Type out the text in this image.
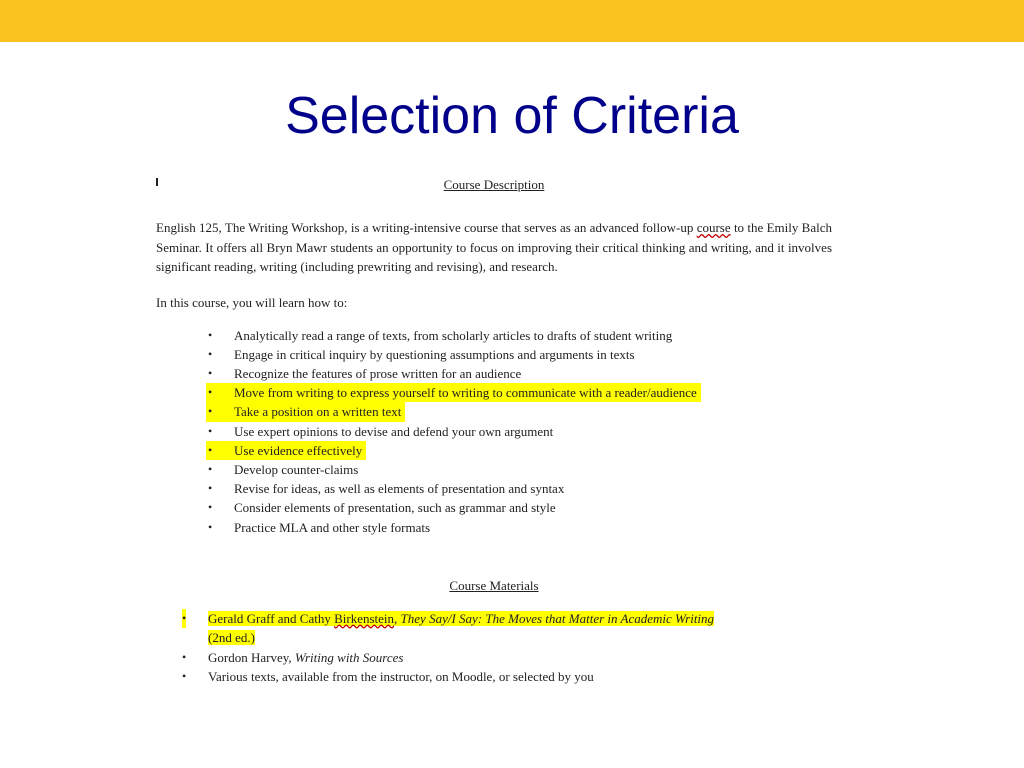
Selection of Criteria

Course Description

English 125, The Writing Workshop, is a writing-intensive course that serves as an advanced follow-up course to the Emily Balch Seminar. It offers all Bryn Mawr students an opportunity to focus on improving their critical thinking and writing, and it involves significant reading, writing (including prewriting and revising), and research.

In this course, you will learn how to:

• Analytically read a range of texts, from scholarly articles to drafts of student writing
• Engage in critical inquiry by questioning assumptions and arguments in texts
• Recognize the features of prose written for an audience
• Move from writing to express yourself to writing to communicate with a reader/audience
• Take a position on a written text
• Use expert opinions to devise and defend your own argument
• Use evidence effectively
• Develop counter-claims
• Revise for ideas, as well as elements of presentation and syntax
• Consider elements of presentation, such as grammar and style
• Practice MLA and other style formats

Course Materials

• Gerald Graff and Cathy Birkenstein, They Say/I Say: The Moves that Matter in Academic Writing
(2nd ed.)
• Gordon Harvey, Writing with Sources
• Various texts, available from the instructor, on Moodle, or selected by you
